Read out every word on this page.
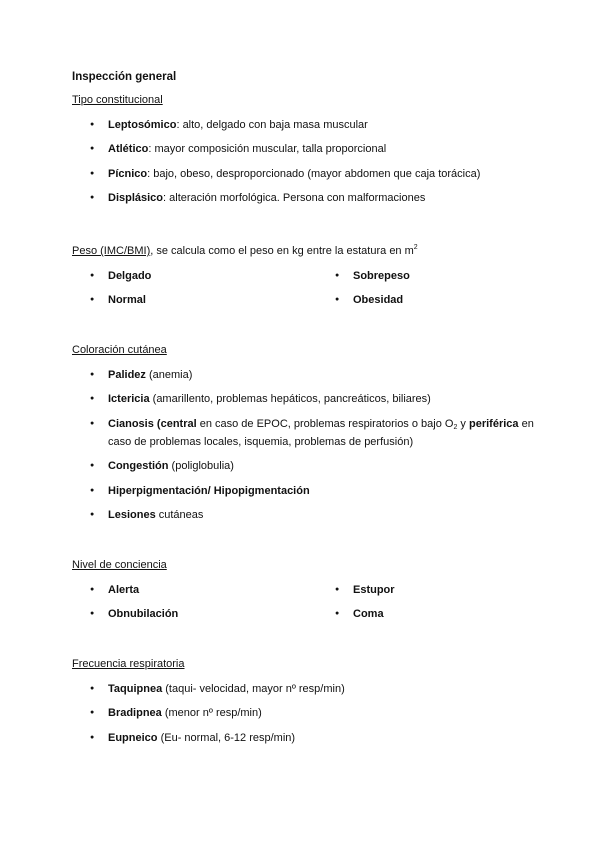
Inspección general
Tipo constitucional
● Leptosómico: alto, delgado con baja masa muscular
● Atlético: mayor composición muscular, talla proporcional
● Pícnico: bajo, obeso, desproporcionado (mayor abdomen que caja torácica)
● Displásico: alteración morfológica. Persona con malformaciones
Peso (IMC/BMI), se calcula como el peso en kg entre la estatura en $m^2$
● Delgado	● Sobrepeso
● Normal	● Obesidad
Coloración cutánea
● Palidez (anemia)
● Ictericia (amarillento, problemas hepáticos, pancreáticos, biliares)
● Cianosis (central en caso de EPOC, problemas respiratorios o bajo $O_2$ y periférica en caso de problemas locales, isquemia, problemas de perfusión)
● Congestión (poliglobulia)
● Hiperpigmentación/ Hipopigmentación
● Lesiones cutáneas
Nivel de conciencia
● Alerta	● Estupor
● Obnubilación	● Coma
Frecuencia respiratoria
● Taquipnea (taqui- velocidad, mayor nº resp/min)
● Bradipnea (menor nº resp/min)
● Eupneico (Eu- normal, 6-12 resp/min)
